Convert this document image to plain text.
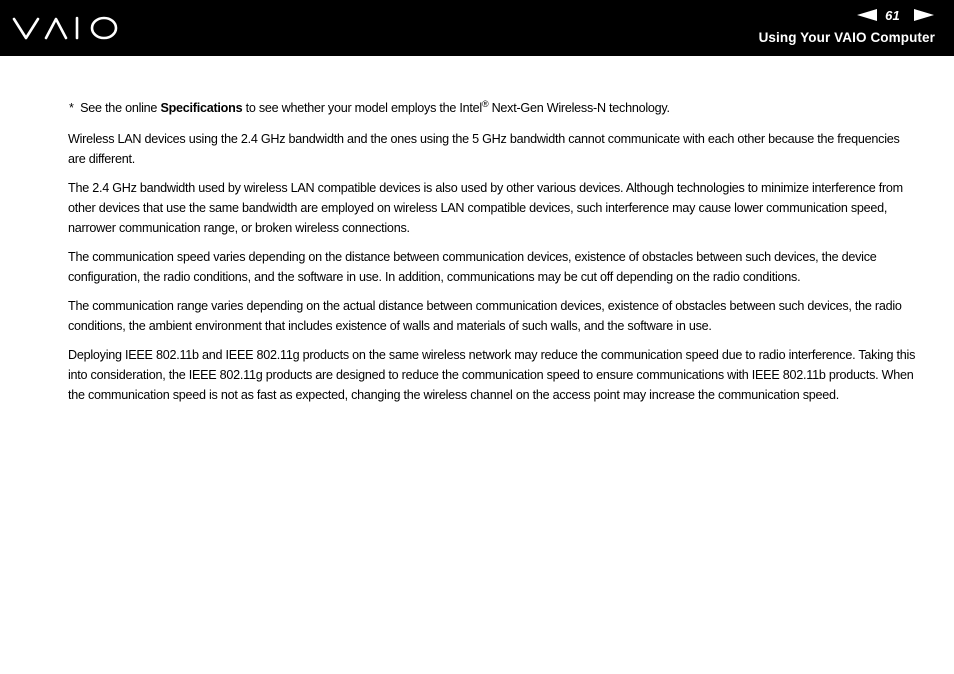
61
Using Your VAIO Computer

* See the online Specifications to see whether your model employs the Intel® Next-Gen Wireless-N technology.

Wireless LAN devices using the 2.4 GHz bandwidth and the ones using the 5 GHz bandwidth cannot communicate with each other because the frequencies are different.

The 2.4 GHz bandwidth used by wireless LAN compatible devices is also used by other various devices. Although technologies to minimize interference from other devices that use the same bandwidth are employed on wireless LAN compatible devices, such interference may cause lower communication speed, narrower communication range, or broken wireless connections.

The communication speed varies depending on the distance between communication devices, existence of obstacles between such devices, the device configuration, the radio conditions, and the software in use. In addition, communications may be cut off depending on the radio conditions.

The communication range varies depending on the actual distance between communication devices, existence of obstacles between such devices, the radio conditions, the ambient environment that includes existence of walls and materials of such walls, and the software in use.

Deploying IEEE 802.11b and IEEE 802.11g products on the same wireless network may reduce the communication speed due to radio interference. Taking this into consideration, the IEEE 802.11g products are designed to reduce the communication speed to ensure communications with IEEE 802.11b products. When the communication speed is not as fast as expected, changing the wireless channel on the access point may increase the communication speed.
